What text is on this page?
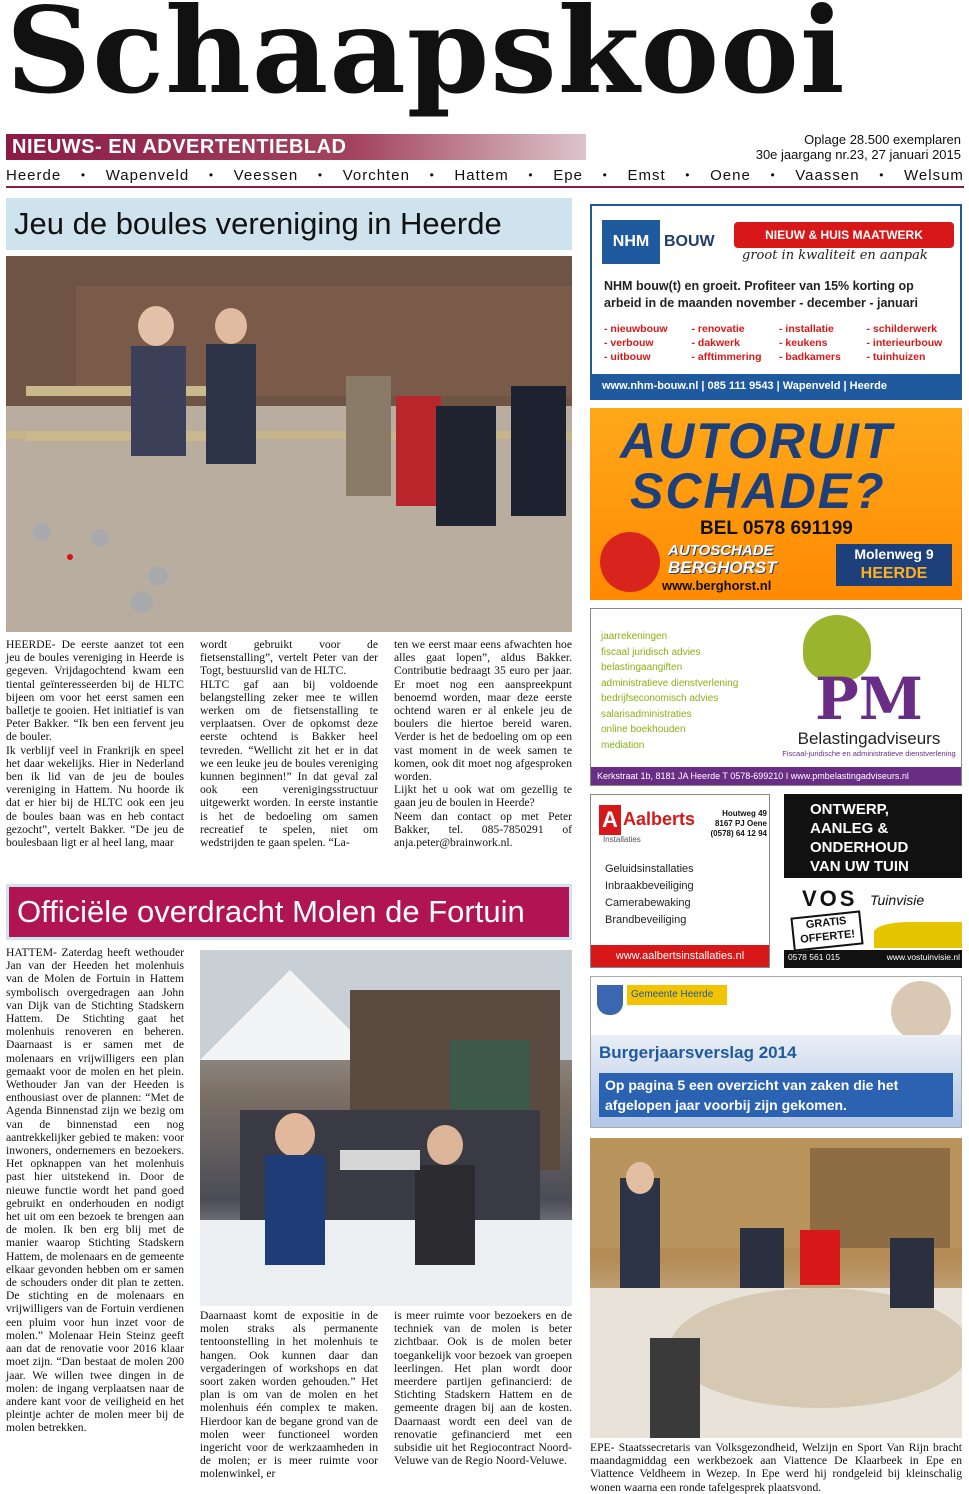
Schaapskooi
NIEUWS- EN ADVERTENTIEBLAD	Oplage 28.500 exemplaren
30e jaargang nr.23, 27 januari 2015
Heerde • Wapenveld • Veessen • Vorchten • Hattem • Epe • Emst • Oene • Vaassen • Welsum
Jeu de boules vereniging in Heerde

HEERDE- De eerste aanzet tot een jeu de boules vereniging in Heerde is gegeven. Vrijdagochtend kwam een tiental geïnteresseerden bij de HLTC bijeen om voor het eerst samen een balletje te gooien. Het initiatief is van Peter Bakker. “Ik ben een fervent jeu de bouler.
Ik verblijf veel in Frankrijk en speel het daar wekelijks. Hier in Nederland ben ik lid van de jeu de boules vereniging in Hattem. Nu hoorde ik dat er hier bij de HLTC ook een jeu de boules baan was en heb contact gezocht”, vertelt Bakker. “De jeu de boulesbaan ligt er al heel lang, maar

wordt gebruikt voor de fietsenstalling”, vertelt Peter van der Togt, bestuurslid van de HLTC.
HLTC gaf aan bij voldoende belangstelling zeker mee te willen werken om de fietsenstalling te verplaatsen. Over de opkomst deze eerste ochtend is Bakker heel tevreden. “Wellicht zit het er in dat we een leuke jeu de boules vereniging kunnen beginnen!” In dat geval zal ook een verenigingsstructuur uitgewerkt worden. In eerste instantie is het de bedoeling om samen recreatief te spelen, niet om wedstrijden te gaan spelen. “La-

ten we eerst maar eens afwachten hoe alles gaat lopen”, aldus Bakker. Contributie bedraagt 35 euro per jaar. Er moet nog een aanspreekpunt benoemd worden, maar deze eerste ochtend waren er al enkele jeu de boulers die hiertoe bereid waren. Verder is het de bedoeling om op een vast moment in de week samen te komen, ook dit moet nog afgesproken worden.
Lijkt het u ook wat om gezellig te gaan jeu de boulen in Heerde?
Neem dan contact op met Peter Bakker, tel. 085-7850291 of anja.peter@brainwork.nl.

Officiële overdracht Molen de Fortuin

HATTEM- Zaterdag heeft wethouder Jan van der Heeden het molenhuis van de Molen de Fortuin in Hattem symbolisch overgedragen aan John van Dijk van de Stichting Stadskern Hattem. De Stichting gaat het molenhuis renoveren en beheren. Daarnaast is er samen met de molenaars en vrijwilligers een plan gemaakt voor de molen en het plein. Wethouder Jan van der Heeden is enthousiast over de plannen: “Met de Agenda Binnenstad zijn we bezig om van de binnenstad een nog aantrekkelijker gebied te maken: voor inwoners, ondernemers en bezoekers. Het opknappen van het molenhuis past hier uitstekend in. Door de nieuwe functie wordt het pand goed gebruikt en onderhouden en nodigt het uit om een bezoek te brengen aan de molen. Ik ben erg blij met de manier waarop Stichting Stadskern Hattem, de molenaars en de gemeente elkaar gevonden hebben om er samen de schouders onder dit plan te zetten. De stichting en de molenaars en vrijwilligers van de Fortuin verdienen een pluim voor hun inzet voor de molen.” Molenaar Hein Steinz geeft aan dat de renovatie voor 2016 klaar moet zijn. “Dan bestaat de molen 200 jaar. We willen twee dingen in de molen: de ingang verplaatsen naar de andere kant voor de veiligheid en het pleintje achter de molen meer bij de molen betrekken.

Daarnaast komt de expositie in de molen straks als permanente tentoonstelling in het molenhuis te hangen. Ook kunnen daar dan vergaderingen of workshops en dat soort zaken worden gehouden.” Het plan is om van de molen en het molenhuis één complex te maken. Hierdoor kan de begane grond van de molen weer functioneel worden ingericht voor de werkzaamheden in de molen; er is meer ruimte voor molenwinkel, er

is meer ruimte voor bezoekers en de techniek van de molen is beter zichtbaar. Ook is de molen beter toegankelijk voor bezoek van groepen leerlingen. Het plan wordt door meerdere partijen gefinancierd: de Stichting Stadskern Hattem en de gemeente dragen bij aan de kosten. Daarnaast wordt een deel van de renovatie gefinancierd met een subsidie uit het Regiocontract Noord-Veluwe van de Regio Noord-Veluwe.

NHM BOUW	NIEUW & HUIS MAATWERK
groot in kwaliteit en aanpak
NHM bouw(t) en groeit. Profiteer van 15% korting op arbeid in de maanden november - december - januari
- nieuwbouw	- renovatie	- installatie	- schilderwerk
- verbouw	- dakwerk	- keukens	- interieurbouw
- uitbouw	- afftimmering	- badkamers	- tuinhuizen
www.nhm-bouw.nl | 085 111 9543 | Wapenveld | Heerde
AUTORUIT
SCHADE?
BEL 0578 691199
AUTOSCHADE
BERGHORST
www.berghorst.nl
Molenweg 9
HEERDE
jaarrekeningen
fiscaal juridisch advies
belastingaangiften
administratieve dienstverlening
bedrijfseconomisch advies
salarisadministraties
online boekhouden
mediation
PM
Belastingadviseurs
Fiscaal-juridische en administratieve dienstverlening
Kerkstraat 1b, 8181 JA Heerde T 0578-699210 I www.pmbelastingadviseurs.nl
A Aalberts
Installaties
Houtweg 49
8167 PJ Oene
(0578) 64 12 94
Geluidsinstallaties
Inbraakbeveiliging
Camerabewaking
Brandbeveiliging
www.aalbertsinstallaties.nl
ONTWERP,
AANLEG &
ONDERHOUD
VAN UW TUIN
VOS Tuinvisie
GRATIS
OFFERTE!
0578 561 015	www.vostuinvisie.nl
Gemeente Heerde
Burgerjaarsverslag 2014
Op pagina 5 een overzicht van zaken die het afgelopen jaar voorbij zijn gekomen.
EPE- Staatssecretaris van Volksgezondheid, Welzijn en Sport Van Rijn bracht maandagmiddag een werkbezoek aan Viattence De Klaarbeek in Epe en Viattence Veldheem in Wezep. In Epe werd hij rondgeleid bij kleinschalig wonen waarna een ronde tafelgesprek plaatsvond.
